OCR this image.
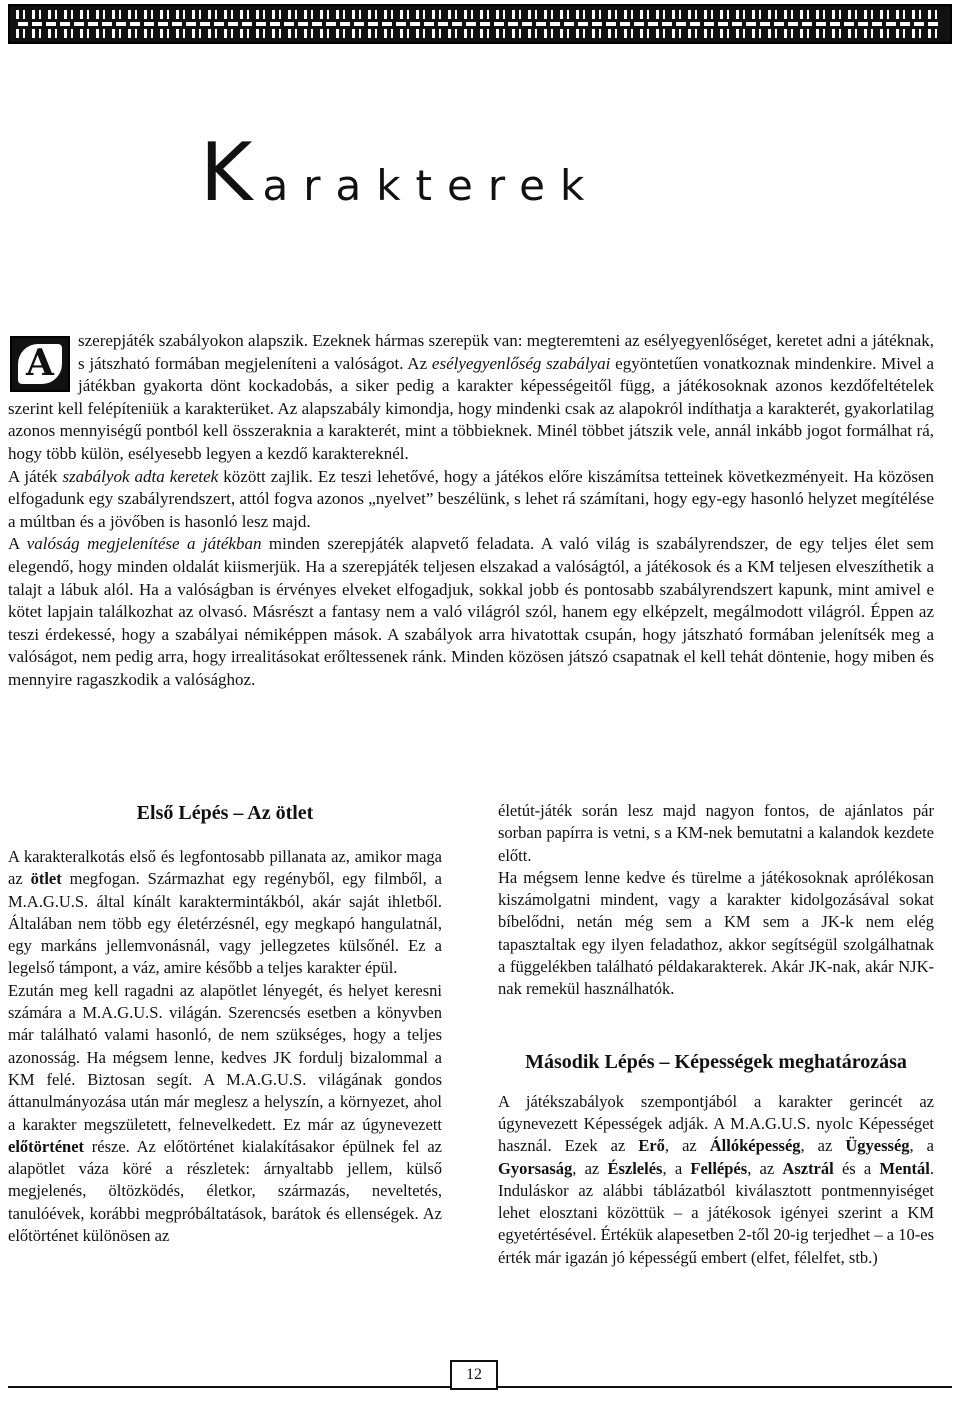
Karakterek

szerepjáték szabályokon alapszik. Ezeknek hármas szerepük van: megteremteni az esélyegyenlőséget, keretet adni a játéknak, s játszható formában megjeleníteni a valóságot. Az esélyegyenlőség szabályai egyöntetűen vonatkoznak mindenkire. Mivel a játékban gyakorta dönt kockadobás, a siker pedig a karakter képességeitől függ, a játékosoknak azonos kezdőfeltételek szerint kell felépíteniük a karakterüket. Az alapszabály kimondja, hogy mindenki csak az alapokról indíthatja a karakterét, gyakorlatilag azonos mennyiségű pontból kell összeraknia a karakterét, mint a többieknek. Minél többet játszik vele, annál inkább jogot formálhat rá, hogy több külön, esélyesebb legyen a kezdő karaktereknél.

A játék szabályok adta keretek között zajlik. Ez teszi lehetővé, hogy a játékos előre kiszámítsa tetteinek következményeit. Ha közösen elfogadunk egy szabályrendszert, attól fogva azonos „nyelvet” beszélünk, s lehet rá számítani, hogy egy-egy hasonló helyzet megítélése a múltban és a jövőben is hasonló lesz majd.

A valóság megjelenítése a játékban minden szerepjáték alapvető feladata. A való világ is szabályrendszer, de egy teljes élet sem elegendő, hogy minden oldalát kiismerjük. Ha a szerepjáték teljesen elszakad a valóságtól, a játékosok és a KM teljesen elveszíthetik a talajt a lábuk alól. Ha a valóságban is érvényes elveket elfogadjuk, sokkal jobb és pontosabb szabályrendszert kapunk, mint amivel e kötet lapjain találkozhat az olvasó. Másrészt a fantasy nem a való világról szól, hanem egy elképzelt, megálmodott világról. Éppen az teszi érdekessé, hogy a szabályai némiképpen mások. A szabályok arra hivatottak csupán, hogy játszható formában jelenítsék meg a valóságot, nem pedig arra, hogy irrealitásokat erőltessenek ránk. Minden közösen játszó csapatnak el kell tehát döntenie, hogy miben és mennyire ragaszkodik a valósághoz.

A

Első Lépés – Az ötlet

A karakteralkotás első és legfontosabb pillanata az, amikor maga az ötlet megfogan. Származhat egy regényből, egy filmből, a M.A.G.U.S. által kínált karaktermintákból, akár saját ihletből. Általában nem több egy életérzésnél, egy megkapó hangulatnál, egy markáns jellemvonásnál, vagy jellegzetes külsőnél. Ez a legelső támpont, a váz, amire később a teljes karakter épül.

Ezután meg kell ragadni az alapötlet lényegét, és helyet keresni számára a M.A.G.U.S. világán. Szerencsés esetben a könyvben már található valami hasonló, de nem szükséges, hogy a teljes azonosság. Ha mégsem lenne, kedves JK fordulj bizalommal a KM felé. Biztosan segít. A M.A.G.U.S. világának gondos áttanulmányozása után már meglesz a helyszín, a környezet, ahol a karakter megszületett, felnevelkedett. Ez már az úgynevezett előtörténet része. Az előtörténet kialakításakor épülnek fel az alapötlet váza köré a részletek: árnyaltabb jellem, külső megjelenés, öltözködés, életkor, származás, neveltetés, tanulóévek, korábbi megpróbáltatások, barátok és ellenségek. Az előtörténet különösen az

életút-játék során lesz majd nagyon fontos, de ajánlatos pár sorban papírra is vetni, s a KM-nek bemutatni a kalandok kezdete előtt.

Ha mégsem lenne kedve és türelme a játékosoknak aprólékosan kiszámolgatni mindent, vagy a karakter kidolgozásával sokat bíbelődni, netán még sem a KM sem a JK-k nem elég tapasztaltak egy ilyen feladathoz, akkor segítségül szolgálhatnak a függelékben található példakarakterek. Akár JK-nak, akár NJK-nak remekül használhatók.

Második Lépés – Képességek meghatározása

A játékszabályok szempontjából a karakter gerincét az úgynevezett Képességek adják. A M.A.G.U.S. nyolc Képességet használ. Ezek az Erő, az Állóképesség, az Ügyesség, a Gyorsaság, az Észlelés, a Fellépés, az Asztrál és a Mentál. Induláskor az alábbi táblázatból kiválasztott pontmennyiséget lehet elosztani közöttük – a játékosok igényei szerint a KM egyetértésével. Értékük alapesetben 2-től 20-ig terjedhet – a 10-es érték már igazán jó képességű embert (elfet, félelfet, stb.)

12
